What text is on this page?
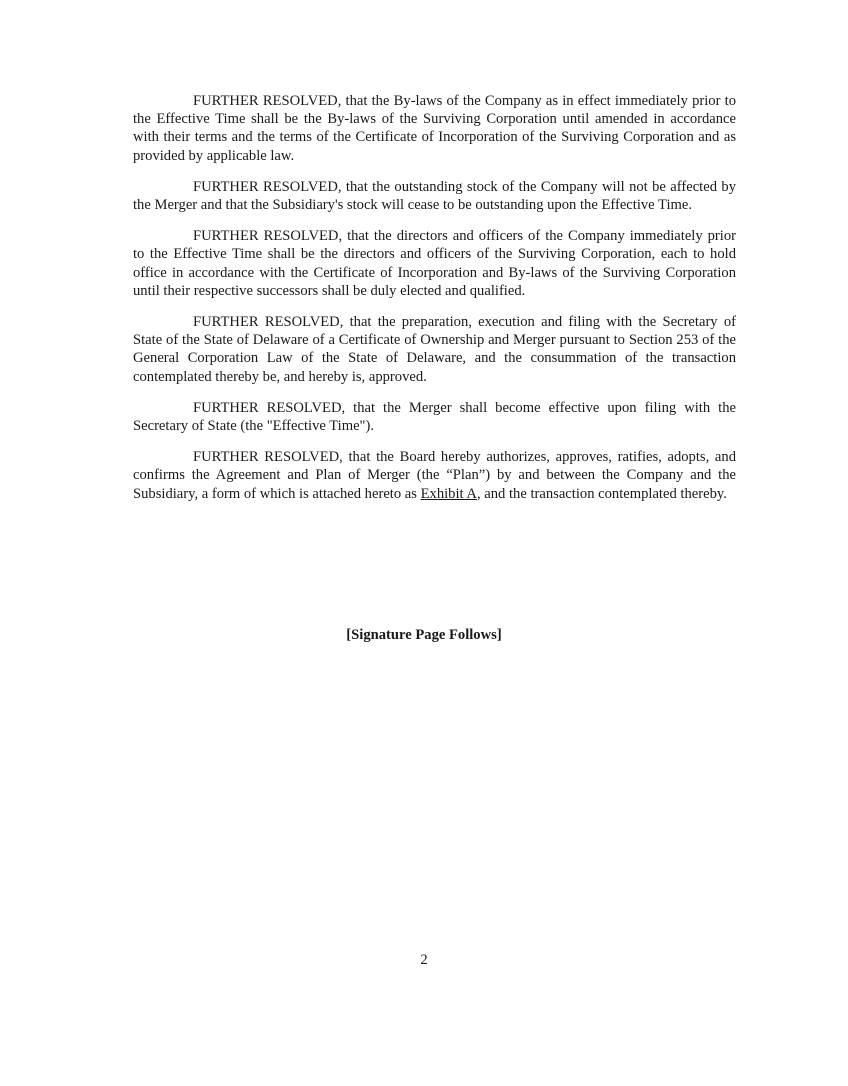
FURTHER RESOLVED, that the By-laws of the Company as in effect immediately prior to the Effective Time shall be the By-laws of the Surviving Corporation until amended in accordance with their terms and the terms of the Certificate of Incorporation of the Surviving Corporation and as provided by applicable law.

FURTHER RESOLVED, that the outstanding stock of the Company will not be affected by the Merger and that the Subsidiary's stock will cease to be outstanding upon the Effective Time.

FURTHER RESOLVED, that the directors and officers of the Company immediately prior to the Effective Time shall be the directors and officers of the Surviving Corporation, each to hold office in accordance with the Certificate of Incorporation and By-laws of the Surviving Corporation until their respective successors shall be duly elected and qualified.

FURTHER RESOLVED, that the preparation, execution and filing with the Secretary of State of the State of Delaware of a Certificate of Ownership and Merger pursuant to Section 253 of the General Corporation Law of the State of Delaware, and the consummation of the transaction contemplated thereby be, and hereby is, approved.

FURTHER RESOLVED, that the Merger shall become effective upon filing with the Secretary of State (the "Effective Time").

FURTHER RESOLVED, that the Board hereby authorizes, approves, ratifies, adopts, and confirms the Agreement and Plan of Merger (the “Plan”) by and between the Company and the Subsidiary, a form of which is attached hereto as Exhibit A, and the transaction contemplated thereby.

[Signature Page Follows]
2
